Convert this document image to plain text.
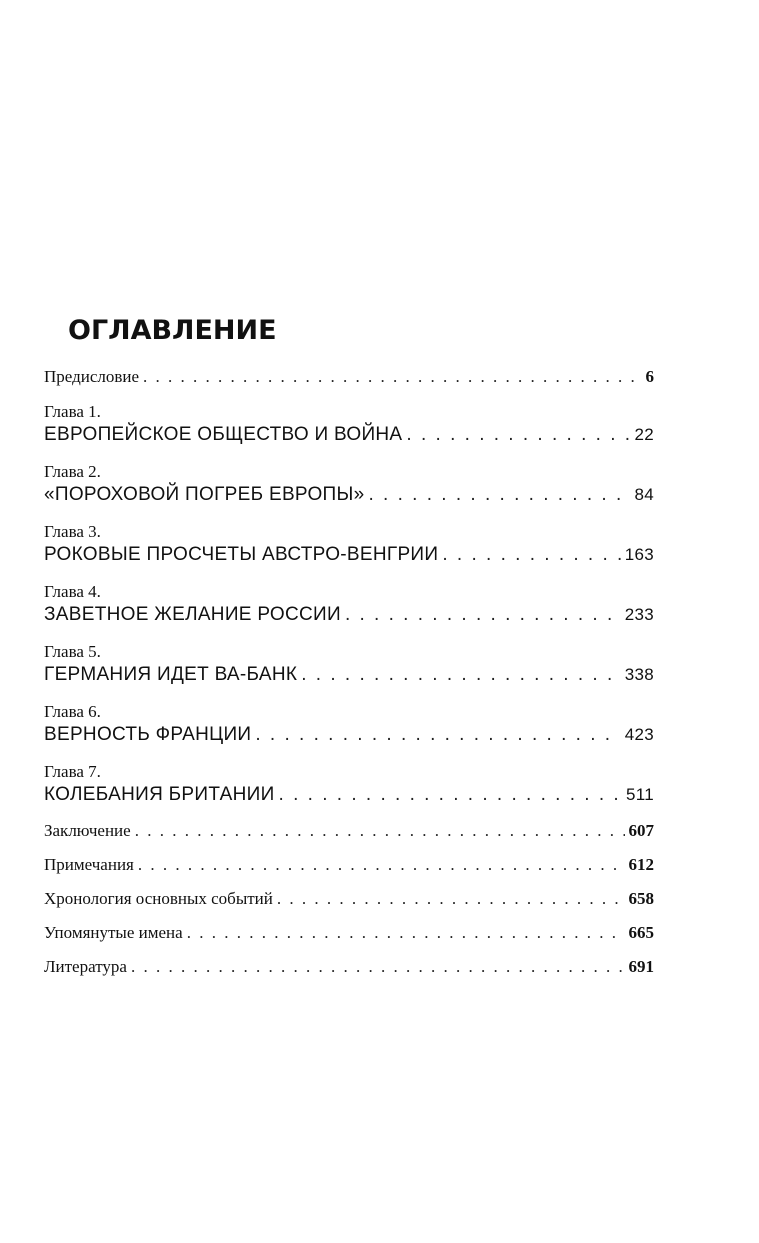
ОГЛАВЛЕНИЕ
Предисловие . . .	6
Глава 1.
ЕВРОПЕЙСКОЕ ОБЩЕСТВО И ВОЙНА . . .	22
Глава 2.
«ПОРОХОВОЙ ПОГРЕБ ЕВРОПЫ» . . .	84
Глава 3.
РОКОВЫЕ ПРОСЧЕТЫ АВСТРО-ВЕНГРИИ . . .	163
Глава 4.
ЗАВЕТНОЕ ЖЕЛАНИЕ РОССИИ . . .	233
Глава 5.
ГЕРМАНИЯ ИДЕТ ВА-БАНК . . .	338
Глава 6.
ВЕРНОСТЬ ФРАНЦИИ . . .	423
Глава 7.
КОЛЕБАНИЯ БРИТАНИИ . . .	511
Заключение . . .	607
Примечания . . .	612
Хронология основных событий . . .	658
Упомянутые имена . . .	665
Литература . . .	691
